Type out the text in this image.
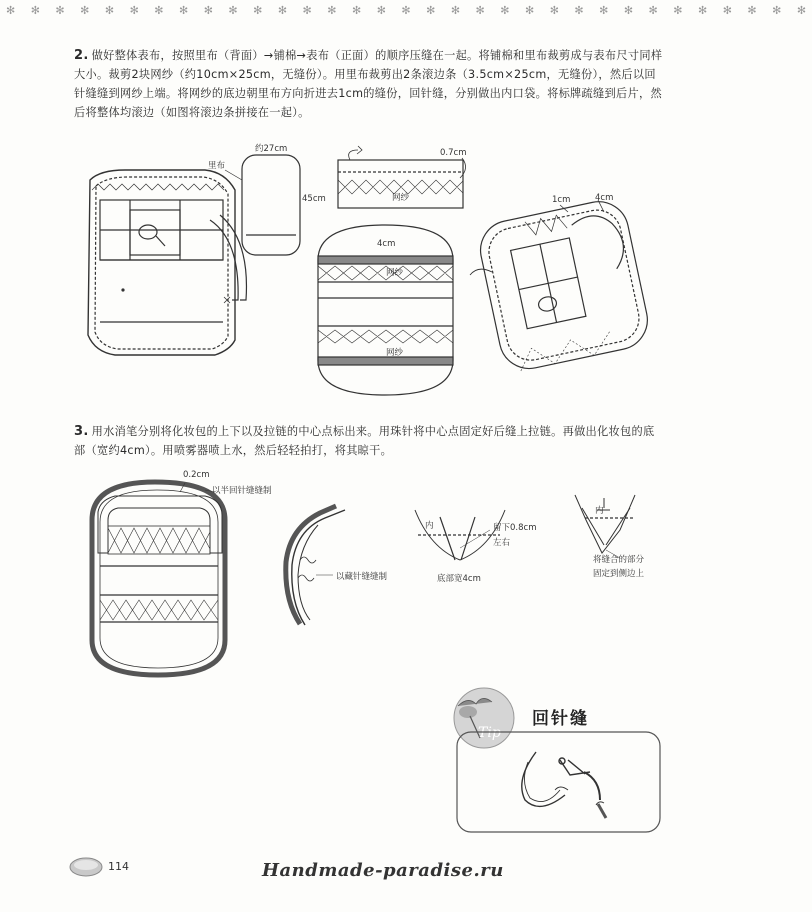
✻ ✻ ✻ ✻ ✻ ✻ ✻ ✻ ✻ ✻ ✻ ✻ ✻ ✻ ✻ ✻ ✻ ✻ ✻ ✻ ✻ ✻ ✻ ✻ ✻ ✻ ✻ ✻ ✻ ✻ ✻ ✻ ✻
2. 做好整体表布，按照里布（背面）→铺棉→表布（正面）的顺序压缝在一起。将铺棉和里布裁剪成与表布尺寸同样大小。裁剪2块网纱（约10cm×25cm，无缝份）。用里布裁剪出2条滚边条（3.5cm×25cm，无缝份），然后以回针缝缝到网纱上端。将网纱的底边朝里布方向折进去1cm的缝份，回针缝，分别做出内口袋。将标牌疏缝到后片，然后将整体均滚边（如图将滚边条拼接在一起）。
约27cm
里布
45cm
0.7cm
网纱
4cm
网纱
网纱
1cm	4cm
3. 用水消笔分别将化妆包的上下以及拉链的中心点标出来。用珠针将中心点固定好后缝上拉链。再做出化妆包的底部（宽约4cm）。用喷雾器喷上水，然后轻轻拍打，将其晾干。
0.2cm
以半回针缝缝制
以藏针缝缝制
内	留下0.8cm
左右
底部宽4cm
内
将缝合的部分
固定到侧边上
Tip
回针缝
114	Handmade-paradise.ru
